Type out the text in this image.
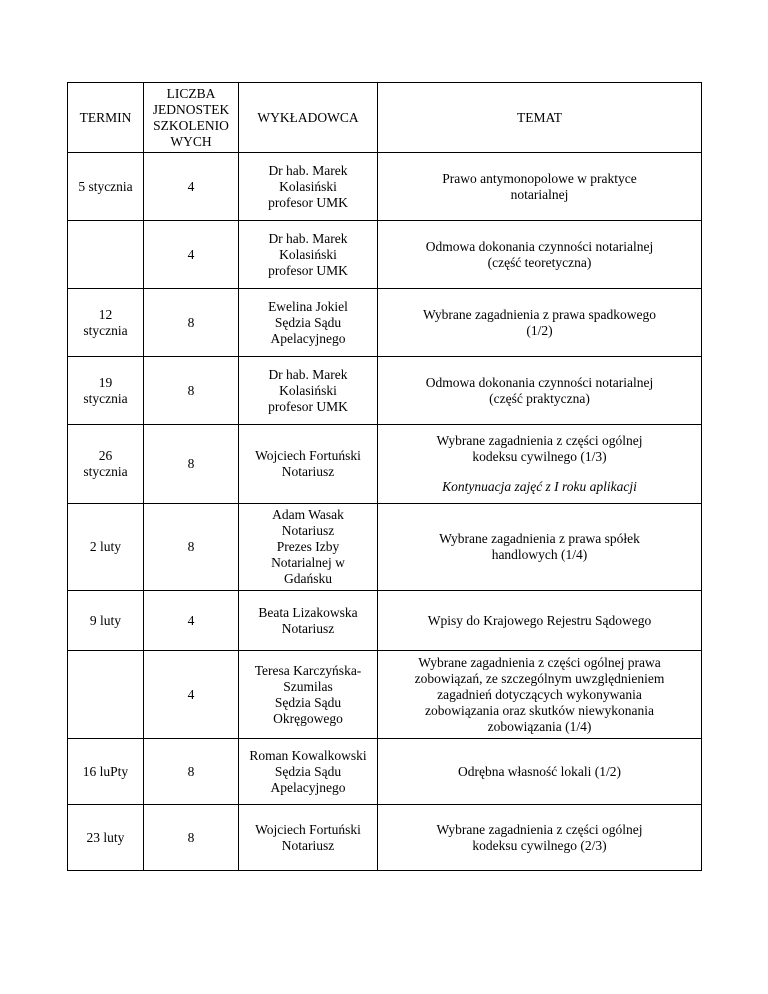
TERMIN	LICZBA
JEDNOSTEK
SZKOLENIO
WYCH	WYKŁADOWCA	TEMAT
5 stycznia	4	Dr hab. Marek
Kolasiński
profesor UMK	Prawo antymonopolowe w praktyce
notarialnej
	4	Dr hab. Marek
Kolasiński
profesor UMK	Odmowa dokonania czynności notarialnej
(część teoretyczna)
12
stycznia	8	Ewelina Jokiel
Sędzia Sądu
Apelacyjnego	Wybrane zagadnienia z prawa spadkowego
(1/2)
19
stycznia	8	Dr hab. Marek
Kolasiński
profesor UMK	Odmowa dokonania czynności notarialnej
(część praktyczna)
26
stycznia	8	Wojciech Fortuński
Notariusz	Wybrane zagadnienia z części ogólnej
kodeksu cywilnego (1/3)
Kontynuacja zajęć z I roku aplikacji

2 luty	8	Adam Wasak
Notariusz
Prezes Izby
Notarialnej w
Gdańsku	Wybrane zagadnienia z prawa spółek
handlowych (1/4)
9 luty	4	Beata Lizakowska
Notariusz	Wpisy do Krajowego Rejestru Sądowego
	4	Teresa Karczyńska-
Szumilas
Sędzia Sądu
Okręgowego	Wybrane zagadnienia z części ogólnej prawa
zobowiązań, ze szczególnym uwzględnieniem
zagadnień dotyczących wykonywania
zobowiązania oraz skutków niewykonania
zobowiązania (1/4)
16 luPty	8	Roman Kowalkowski
Sędzia Sądu
Apelacyjnego	Odrębna własność lokali (1/2)
23 luty	8	Wojciech Fortuński
Notariusz	Wybrane zagadnienia z części ogólnej
kodeksu cywilnego (2/3)
